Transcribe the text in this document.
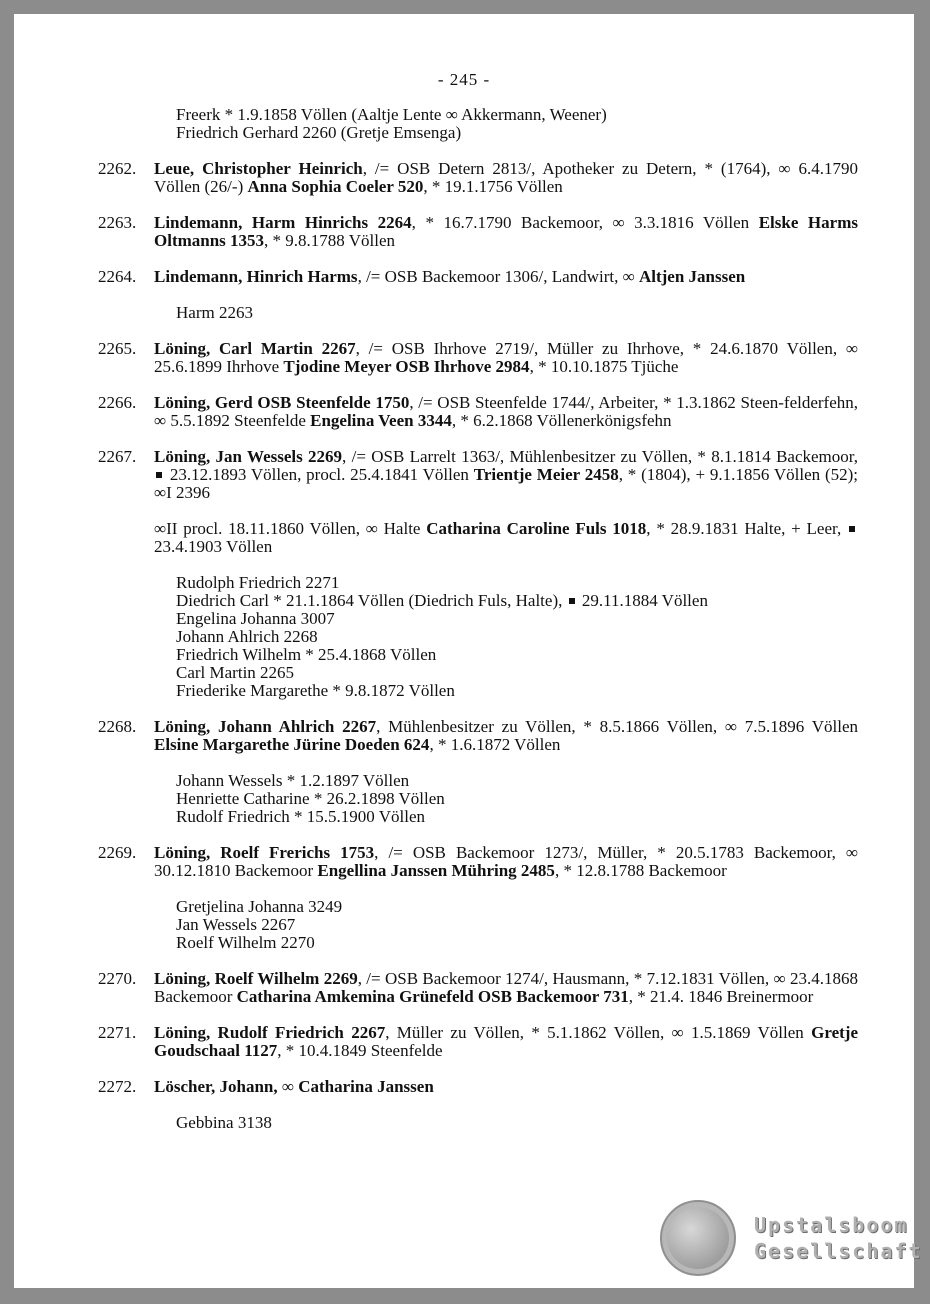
- 245 -
Freerk * 1.9.1858 Völlen (Aaltje Lente ∞ Akkermann, Weener)
Friedrich Gerhard 2260 (Gretje Emsenga)
2262.	Leue, Christopher Heinrich, /= OSB Detern 2813/, Apotheker zu Detern, * (1764), ∞ 6.4.1790 Völlen (26/-) Anna Sophia Coeler 520, * 19.1.1756 Völlen

2263.	Lindemann, Harm Hinrichs 2264, * 16.7.1790 Backemoor, ∞ 3.3.1816 Völlen Elske Harms Oltmanns 1353, * 9.8.1788 Völlen

2264.	Lindemann, Hinrich Harms, /= OSB Backemoor 1306/, Landwirt, ∞ Altjen Janssen

Harm 2263
2265.	Löning, Carl Martin 2267, /= OSB Ihrhove 2719/, Müller zu Ihrhove, * 24.6.1870 Völlen, ∞ 25.6.1899 Ihrhove Tjodine Meyer OSB Ihrhove 2984, * 10.10.1875 Tjüche

2266.	Löning, Gerd OSB Steenfelde 1750, /= OSB Steenfelde 1744/, Arbeiter, * 1.3.1862 Steen-felderfehn, ∞ 5.5.1892 Steenfelde Engelina Veen 3344, * 6.2.1868 Völlenerkönigsfehn

2267.	Löning, Jan Wessels 2269, /= OSB Larrelt 1363/, Mühlenbesitzer zu Völlen, * 8.1.1814 Backemoor,  23.12.1893 Völlen, procl. 25.4.1841 Völlen Trientje Meier 2458, * (1804), + 9.1.1856 Völlen (52); ∞I 2396

∞II procl. 18.11.1860 Völlen, ∞ Halte Catharina Caroline Fuls 1018, * 28.9.1831 Halte, + Leer,  23.4.1903 Völlen

Rudolph Friedrich 2271
Diedrich Carl * 21.1.1864 Völlen (Diedrich Fuls, Halte),  29.11.1884 Völlen
Engelina Johanna 3007
Johann Ahlrich 2268
Friedrich Wilhelm * 25.4.1868 Völlen
Carl Martin 2265
Friederike Margarethe * 9.8.1872 Völlen
2268.	Löning, Johann Ahlrich 2267, Mühlenbesitzer zu Völlen, * 8.5.1866 Völlen, ∞ 7.5.1896 Völlen Elsine Margarethe Jürine Doeden 624, * 1.6.1872 Völlen

Johann Wessels * 1.2.1897 Völlen
Henriette Catharine * 26.2.1898 Völlen
Rudolf Friedrich * 15.5.1900 Völlen
2269.	Löning, Roelf Frerichs 1753, /= OSB Backemoor 1273/, Müller, * 20.5.1783 Backemoor, ∞ 30.12.1810 Backemoor Engellina Janssen Mühring 2485, * 12.8.1788 Backemoor

Gretjelina Johanna 3249
Jan Wessels 2267
Roelf Wilhelm 2270
2270.	Löning, Roelf Wilhelm 2269, /= OSB Backemoor 1274/, Hausmann, * 7.12.1831 Völlen, ∞ 23.4.1868 Backemoor Catharina Amkemina Grünefeld OSB Backemoor 731, * 21.4. 1846 Breinermoor

2271.	Löning, Rudolf Friedrich 2267, Müller zu Völlen, * 5.1.1862 Völlen, ∞ 1.5.1869 Völlen Gretje Goudschaal 1127, * 10.4.1849 Steenfelde

2272.	Löscher, Johann, ∞ Catharina Janssen

Gebbina 3138
Upstalsboom
Gesellschaft
